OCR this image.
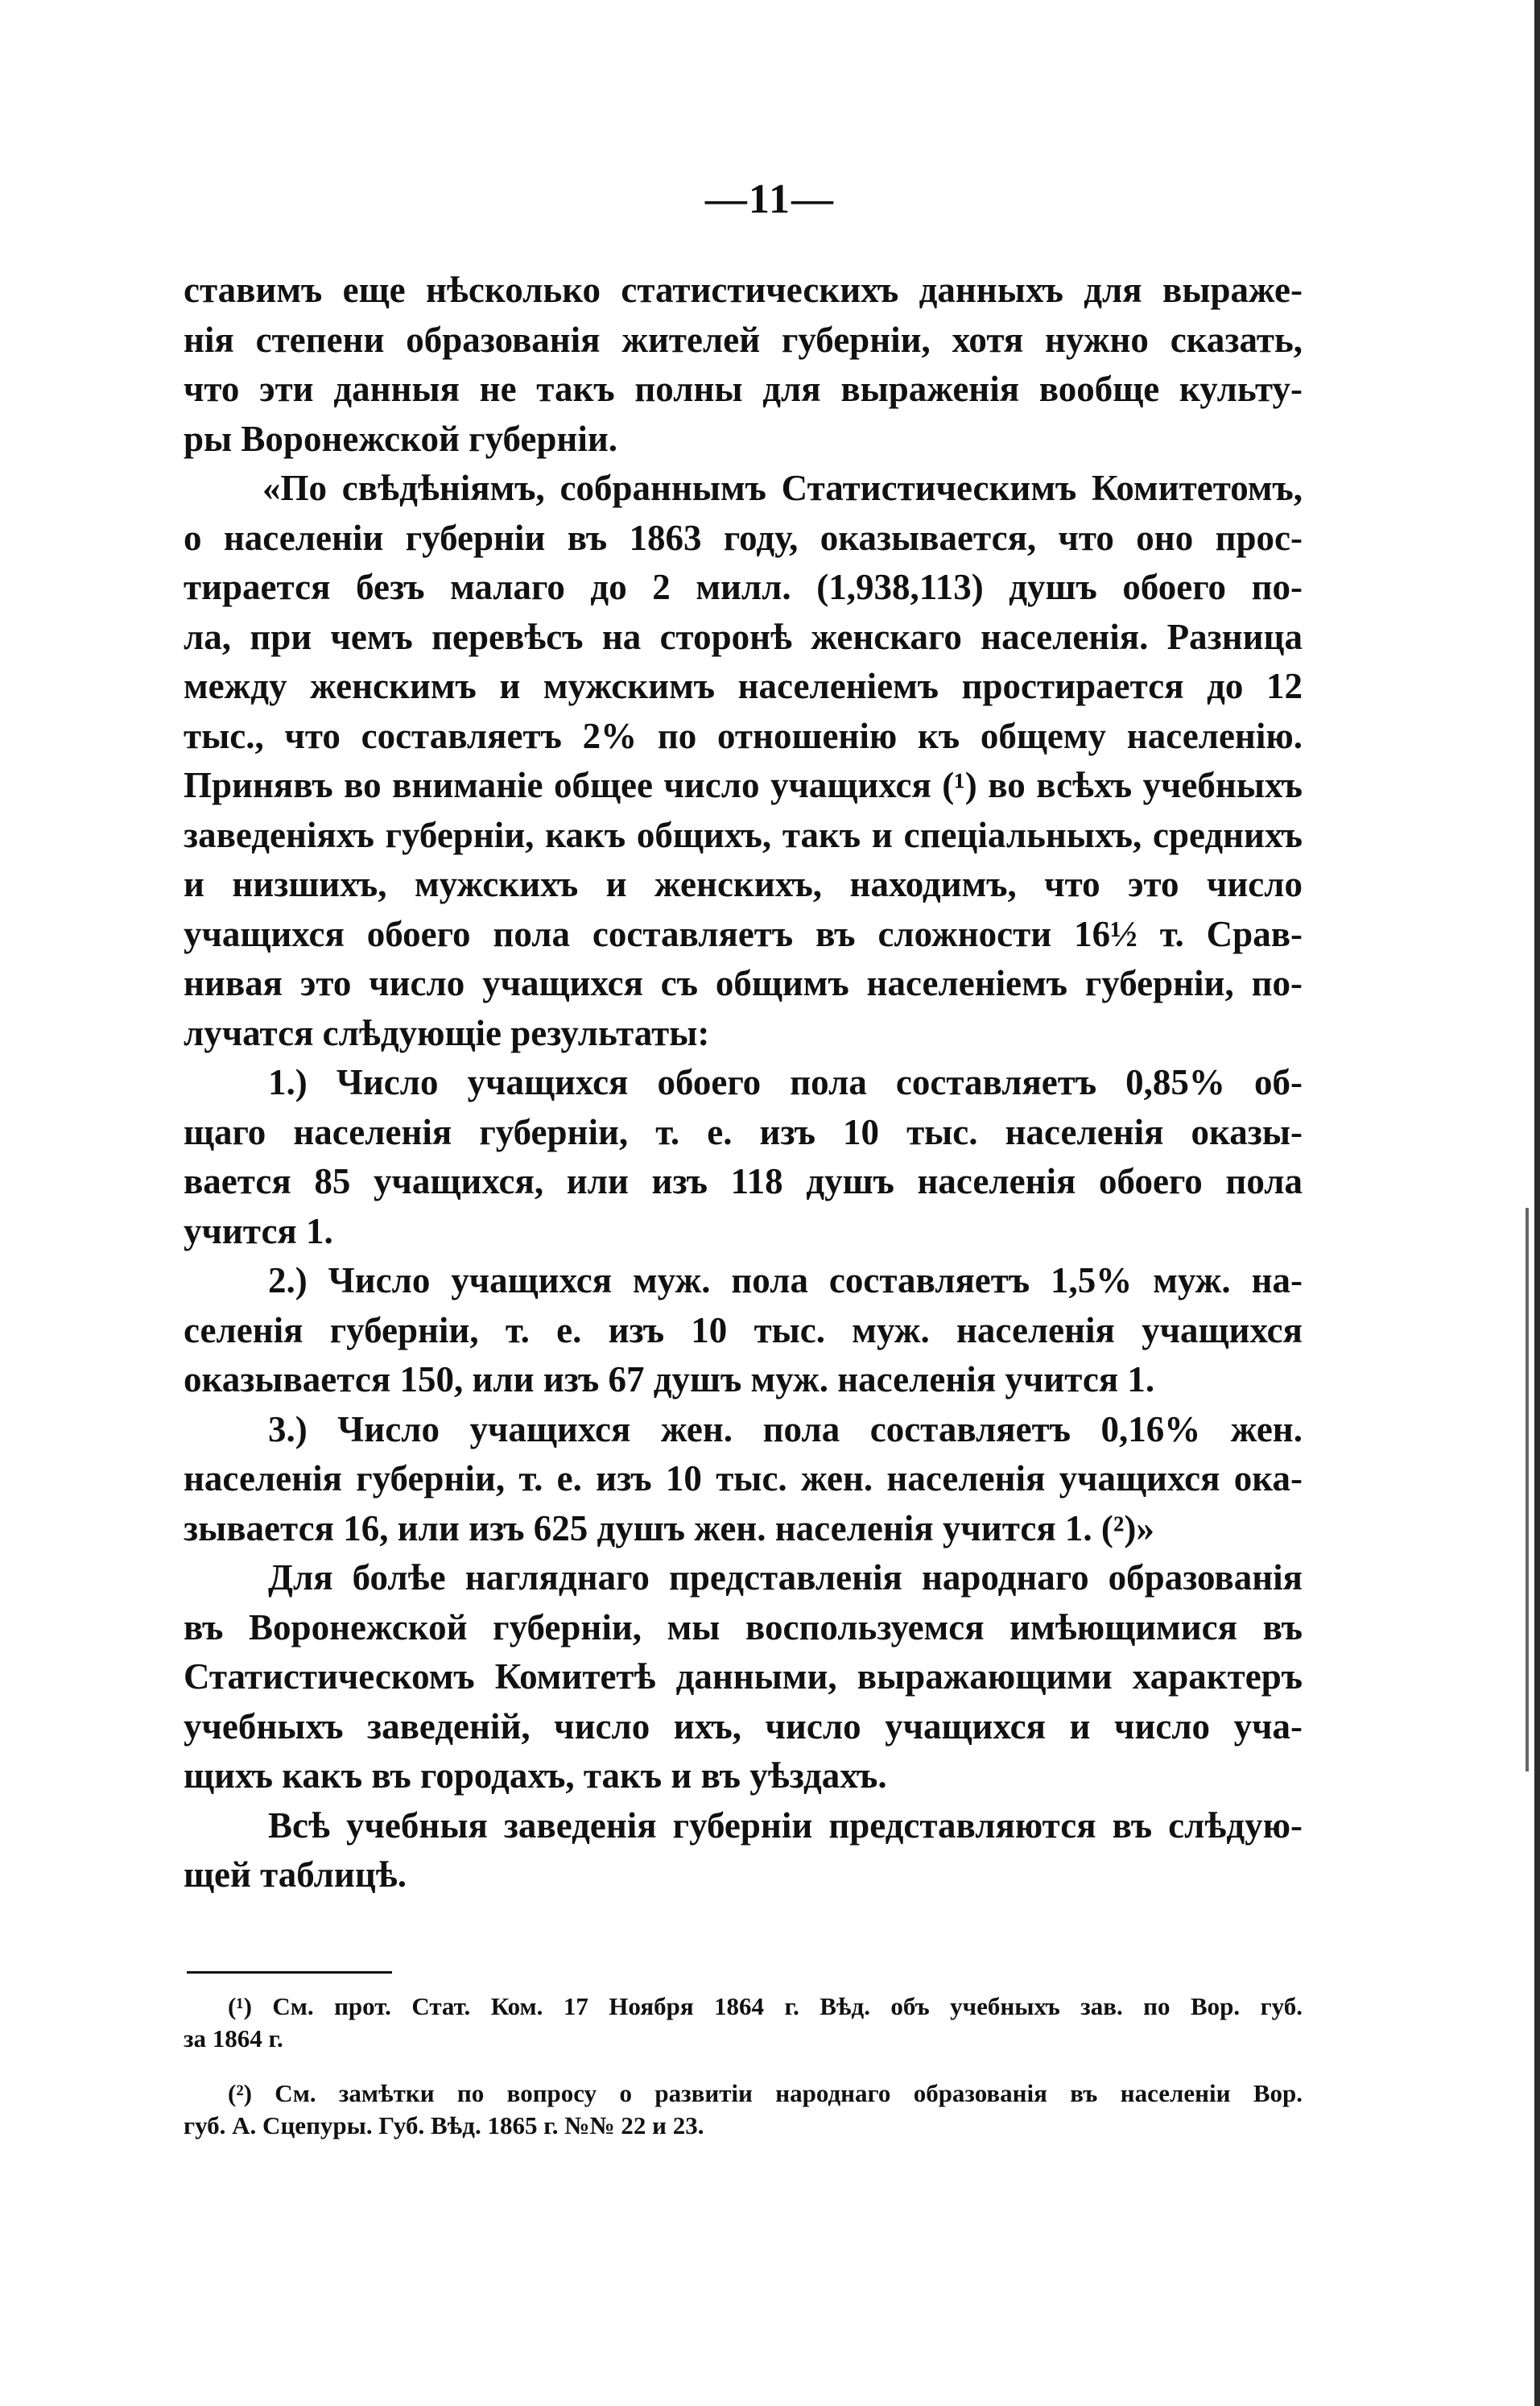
—11—
ставимъ еще нѣсколько статистическихъ данныхъ для выраже-
нія степени образованія жителей губерніи, хотя нужно сказать,
что эти данныя не такъ полны для выраженія вообще культу-
ры Воронежской губерніи.
«По свѣдѣніямъ, собраннымъ Статистическимъ Комитетомъ,
о населеніи губерніи въ 1863 году, оказывается, что оно прос-
тирается безъ малаго до 2 милл. (1,938,113) душъ обоего по-
ла, при чемъ перевѣсъ на сторонѣ женскаго населенія. Разница
между женскимъ и мужскимъ населеніемъ простирается до 12
тыс., что составляетъ 2% по отношенію къ общему населенію.
Принявъ во вниманіе общее число учащихся (¹) во всѣхъ учебныхъ
заведеніяхъ губерніи, какъ общихъ, такъ и спеціальныхъ, среднихъ
и низшихъ, мужскихъ и женскихъ, находимъ, что это число
учащихся обоего пола составляетъ въ сложности 16½ т. Срав-
нивая это число учащихся съ общимъ населеніемъ губерніи, по-
лучатся слѣдующіе результаты:
1.) Число учащихся обоего пола составляетъ 0,85% об-
щаго населенія губерніи, т. е. изъ 10 тыс. населенія оказы-
вается 85 учащихся, или изъ 118 душъ населенія обоего пола
учится 1.
2.) Число учащихся муж. пола составляетъ 1,5% муж. на-
селенія губерніи, т. е. изъ 10 тыс. муж. населенія учащихся
оказывается 150, или изъ 67 душъ муж. населенія учится 1.
3.) Число учащихся жен. пола составляетъ 0,16% жен.
населенія губерніи, т. е. изъ 10 тыс. жен. населенія учащихся ока-
зывается 16, или изъ 625 душъ жен. населенія учится 1. (²)»
Для болѣе нагляднаго представленія народнаго образованія
въ Воронежской губерніи, мы воспользуемся имѣющимися въ
Статистическомъ Комитетѣ данными, выражающими характеръ
учебныхъ заведеній, число ихъ, число учащихся и число уча-
щихъ какъ въ городахъ, такъ и въ уѣздахъ.
Всѣ учебныя заведенія губерніи представляются въ слѣдую-
щей таблицѣ.
(¹) См. прот. Стат. Ком. 17 Ноября 1864 г. Вѣд. объ учебныхъ зав. по Вор. губ.
за 1864 г.
(²) См. замѣтки по вопросу о развитіи народнаго образованія въ населеніи Вор.
губ. А. Сцепуры. Губ. Вѣд. 1865 г. №№ 22 и 23.
